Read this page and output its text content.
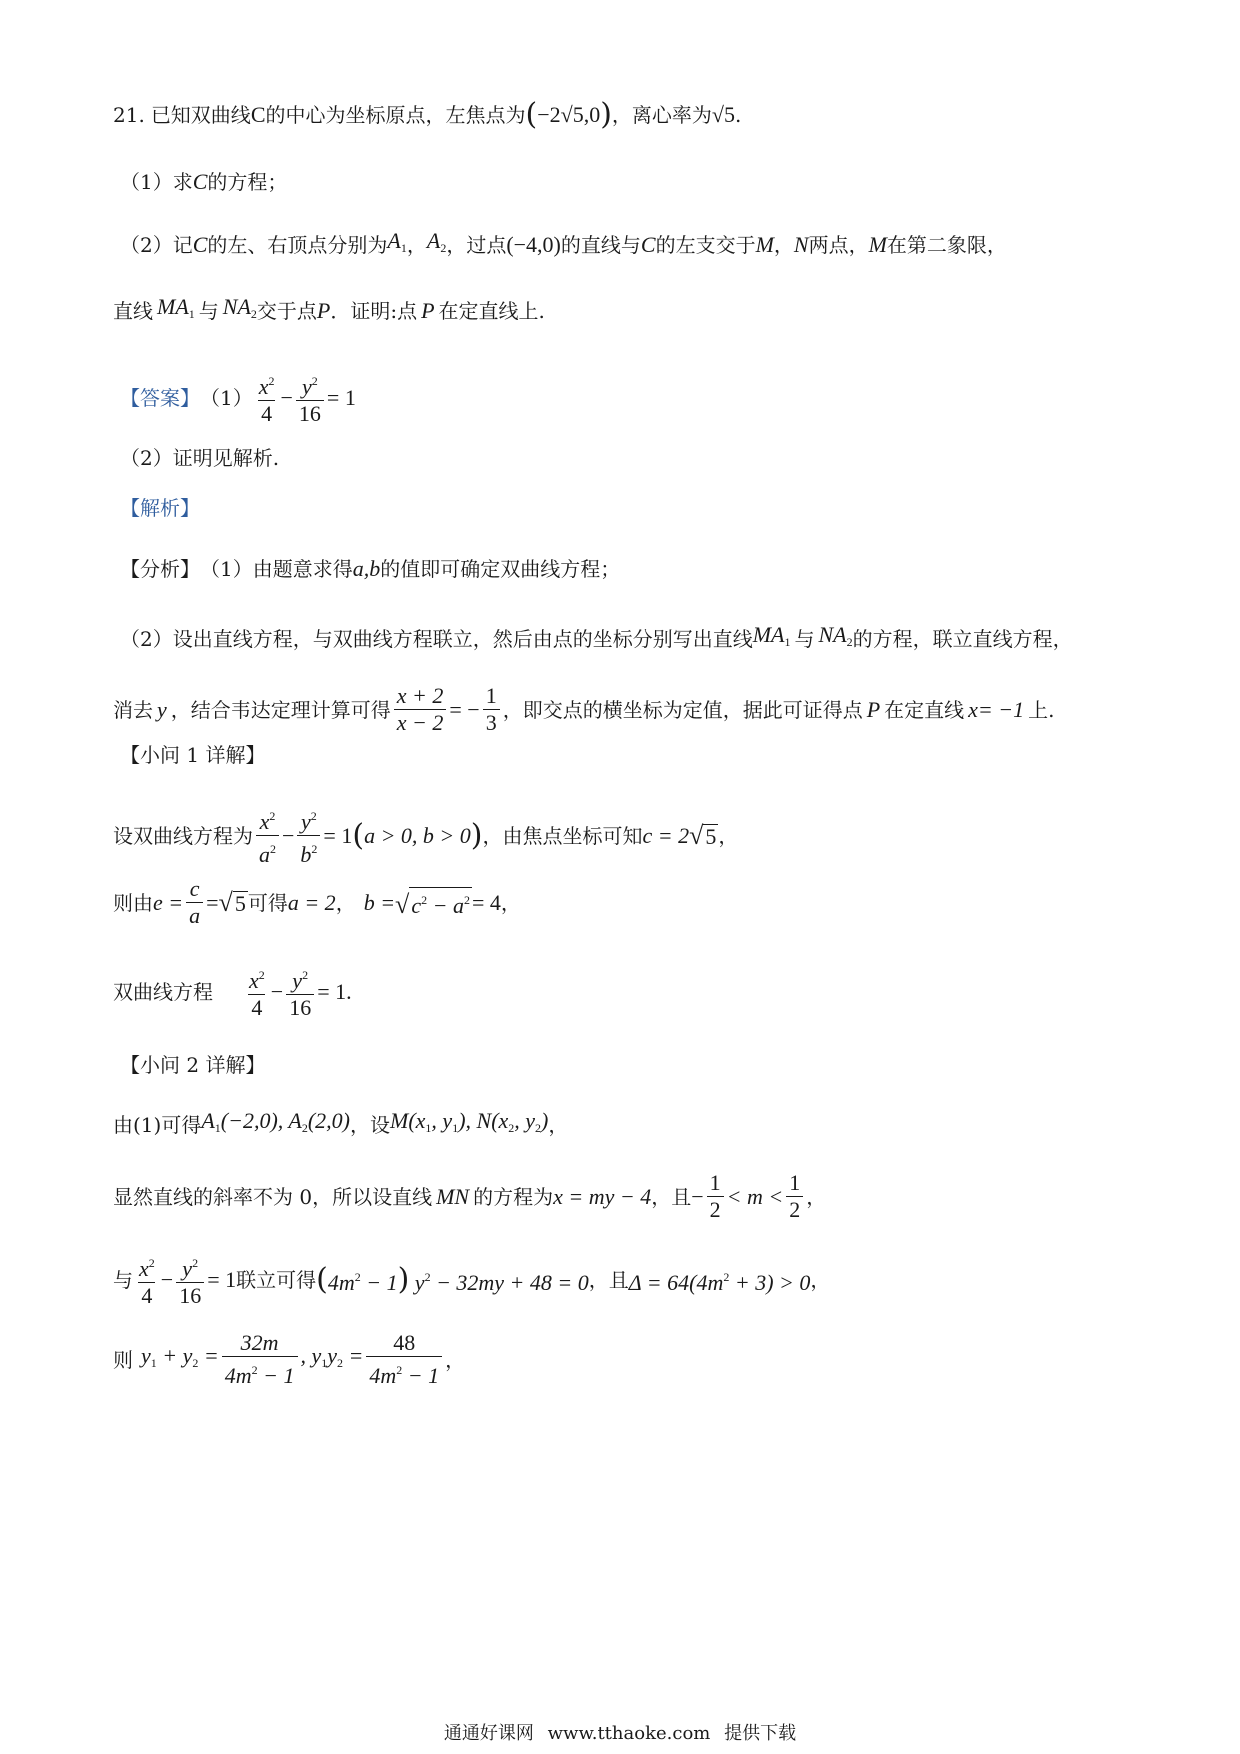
21. 已知双曲线 C 的中心为坐标原点，左焦点为 ( −2√5,0 ) ，离心率为 √5 .
（1）求 C 的方程；
（2）记 C 的左、右顶点分别为 $A_1$ ， $A_2$ ，过点 (−4,0) 的直线与 C 的左支交于 M ， N 两点， M 在第二象限，
直线 $MA_1$ 与 $NA_2$ 交于点 P ．证明:点 P 在定直线上.
【答案】 $(1) \frac{x^2}{4} - \frac{y^2}{16} = 1$
（2）证明见解析.
【解析】
【分析】 （1）由题意求得 a,b 的值即可确定双曲线方程；
（2）设出直线方程，与双曲线方程联立，然后由点的坐标分别写出直线 $MA_1$ 与 $NA_2$ 的方程，联立直线方程，
消去 y ，结合韦达定理计算可得 $\frac{x + 2}{x - 2}$ = − $\frac{1}{3}$ ，即交点的横坐标为定值，据此可证得点 P 在定直线 x= −1 上.
【小问 1 详解】
设双曲线方程为 $\frac{x^2}{a^2} - \frac{y^2}{b^2} = 1$ ( a > 0, b > 0 ) ，由焦点坐标可知 c = 2 √ 5 ，
则由 $e = \frac{c}{a}$ = √ 5 可得 a = 2 ， b = √ $c^2 - a^2 = 4$ ，
双曲线方程 $\frac{x^2}{4} - \frac{y^2}{16} = 1$.
【小问 2 详解】
由(1)可得 $A_1(-2,0)$, $A_2(2,0)$ ，设 $M(x_1$, $y_1$), $N(x_2$, $y_2$) ，
显然直线的斜率不为 0，所以设直线 MN 的方程为 x = my − 4 ，且 − $\frac{1}{2} < m < \frac{1}{2}$ ，
与 $\frac{x^2}{4} - \frac{y^2}{16} = 1$ 联立可得 ( $4m^2 - 1$ ) $y^2 - 32my + 48 = 0$ ，且 $\Delta = 64(4m^2 + 3) > 0$ ，
则 $y_1 + y_2 = \frac{32m}{4m^2 - 1}$ , $y_1y_2 = \frac{48}{4m^2 - 1}$ ，
通通好课网 www.tthaoke.com 提供下载
